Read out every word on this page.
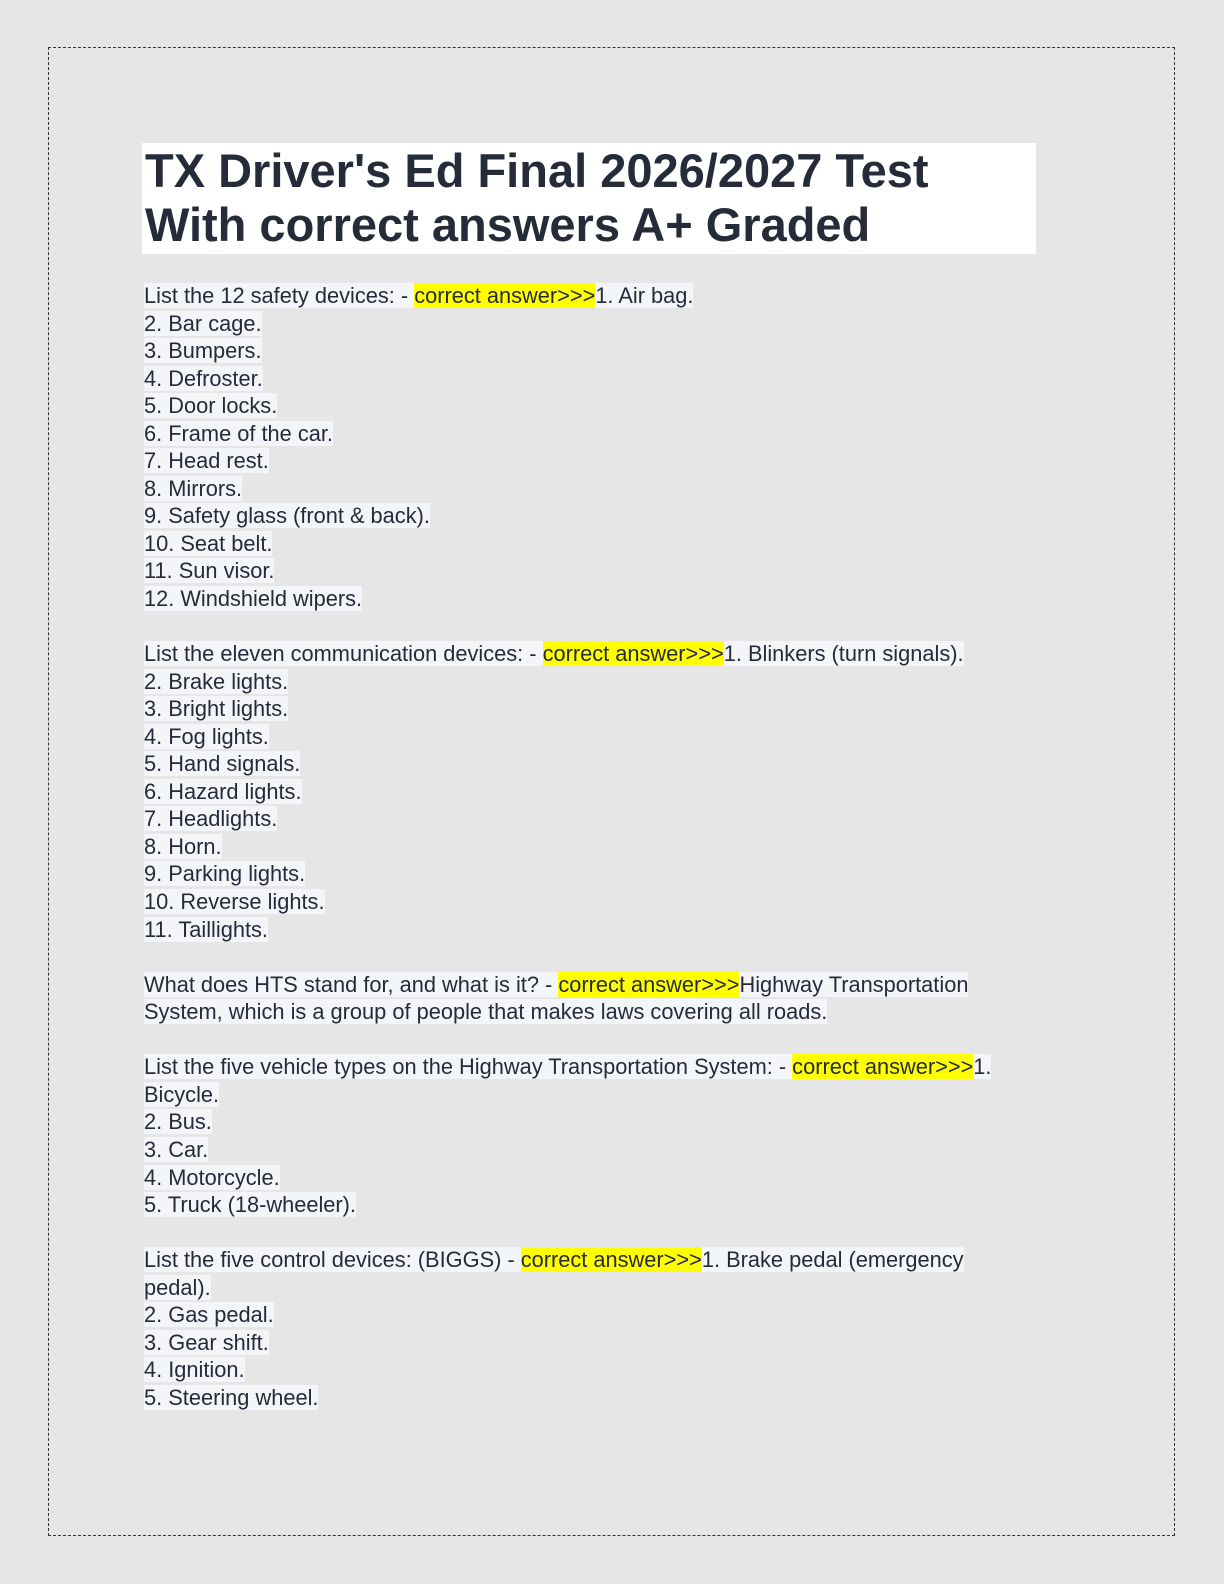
TX Driver's Ed Final 2026/2027 Test
With correct answers A+ Graded
List the 12 safety devices: - correct answer>>>1. Air bag.
2. Bar cage.
3. Bumpers.
4. Defroster.
5. Door locks.
6. Frame of the car.
7. Head rest.
8. Mirrors.
9. Safety glass (front & back).
10. Seat belt.
11. Sun visor.
12. Windshield wipers.
List the eleven communication devices: - correct answer>>>1. Blinkers (turn signals).
2. Brake lights.
3. Bright lights.
4. Fog lights.
5. Hand signals.
6. Hazard lights.
7. Headlights.
8. Horn.
9. Parking lights.
10. Reverse lights.
11. Taillights.
What does HTS stand for, and what is it? - correct answer>>>Highway Transportation
System, which is a group of people that makes laws covering all roads.
List the five vehicle types on the Highway Transportation System: - correct answer>>>1.
Bicycle.
2. Bus.
3. Car.
4. Motorcycle.
5. Truck (18-wheeler).
List the five control devices: (BIGGS) - correct answer>>>1. Brake pedal (emergency
pedal).
2. Gas pedal.
3. Gear shift.
4. Ignition.
5. Steering wheel.
